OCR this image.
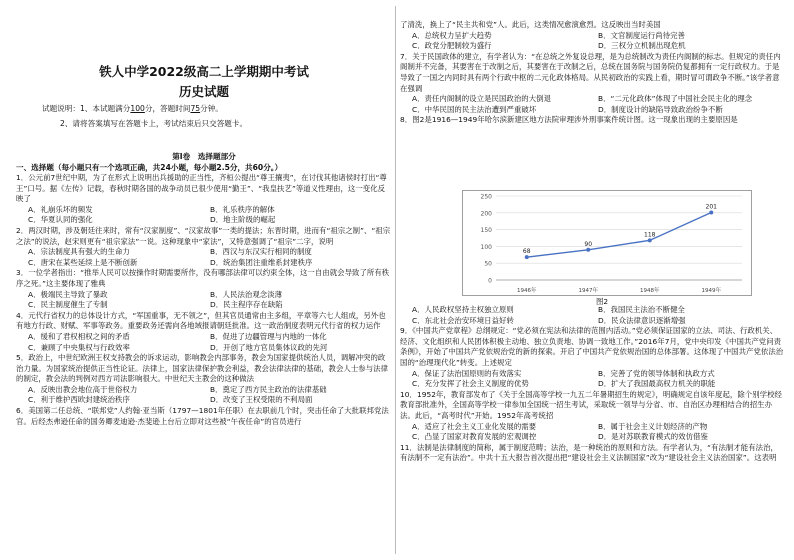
铁人中学2022级高二上学期期中考试
历史试题
试题说明：1、本试题满分100分，答题时间75分钟。
2、请将答案填写在答题卡上，考试结束后只交答题卡。
第Ⅰ卷　选择题部分
一、选择题（每小题只有一个选项正确，共24小题，每小题2.5分，共60分。）

1．公元前7世纪中期，为了在形式上说明出兵援助的正当性，齐桓公提出“尊王攘夷”，在讨伐其他诸侯时打出“尊王”口号。据《左传》记载，春秋时期各国的战争动员已很少使用“勤王”、“我皇扶艺”等道义性理由，这一变化反映了

A．礼崩乐坏的频发	B．礼乐秩序的解体
C．华夏认同的强化	D．地主阶级的崛起

2．两汉时期，涉及朝廷往来时，常有“汉家制度”、“汉家故事”一类的提法；东晋时期，进而有“祖宗之制”、“祖宗之法”的说法，赵宋则更有“祖宗家法”一说。这种现象中“家法”，又特意强调了“祖宗”二字，说明

A．宗法制度具有强大的生命力	B．西汉与东汉实行相同的制度
C．唐宋在某些延续上是不断创新	D．统治集团注重维系封建秩序

3．一位学者指出：“推举人民可以按操作时期需要所作，没有哪部法律可以约束全体，这一自由就会导致了所有秩序之死。”这主要体现了雅典

A．极端民主导致了暴政	B．人民法治观念淡薄
C．民主制度催生了专制	D．民主程序存在缺陷

4．元代行省权力的总体设计方式，“军国重事，无不领之”，但其官员通常由主多组，平章等六七人组成，另外也有地方行政、财赋、军事等政务。重要政务还需向各地域报请朝廷批准。这一政治制度表明元代行省的权力运作

A．缓和了君权相权之间的矛盾	B．促进了边疆管理与内地的一体化
C．兼顾了中央集权与行政效率	D．开创了地方官员集体议政的先河

5．政治上，中世纪欧洲王权支持教会的诉求运动，影响教会内部事务，教会为国家提供统治人员，调解冲突的政治力量。为国家统治提供正当性论证。法律上，国家法律保护教会利益，教会法律法律的基础，教会人士参与法律的制定，教会法的判例对西方司法影响很大。中世纪天主教会的这种做法

A．反映出教会地位高于世俗权力	B．奠定了西方民主政治的法律基础
C．利于维护西欧封建统治秩序	D．改变了王权受限的不利局面

6．美国第二任总统、“联邦党”人约翰·亚当斯（1797—1801年任职）在去职前几个时，突击任命了大批联邦党法官。后经杰弗逊任命的国务卿麦迪逊·杰斐逊上台后立即对这些被“午夜任命”的官员进行

了清洗，换上了“民主共和党”人。此后，这类情况愈演愈烈。这反映出当时美国

A．总统权力呈扩大趋势	B．文官制度运行尚待完善
C．政党分肥制较为盛行	D．三权分立机制出现危机

7．关于民国政体的建立，有学者认为：“在总统之外复设总理，是为总统制改为责任内阁制的标志。但规定的责任内阁制并不完备，其要害在于改制之后，其要害在于改制之后，总统在国务院与国务院仍复都拥有一定行政权力。于是导致了一国之内同时具有两个行政中枢的二元化政体格局。从民初政治的实践上看，期时冒可谓政争不断。”该学者意在强调

A．责任内阁制的设立是民国政治的大倒退	B．“二元化政体”体现了中国社会民主化的理念
C．中华民国的民主法治遭到严重破坏	D．制度设计的缺陷导致政治纷争不断

8．图2是1916—1949年哈尔滨新建区地方法院审理涉外刑事案件统计图。这一现象出现的主要原因是

0
50
100
150
200
250
1946年	1947年	1948年	1949年
68
90
118
201
图2
A．人民政权坚持主权独立原则	B．我国民主法治不断健全
C．东北社会治安环境日益好转	D．民众法律意识逐渐增强

9．《中国共产党章程》总纲规定：“党必须在宪法和法律的范围内活动。”党必须保证国家的立法、司法、行政机关、经济、文化组织和人民团体积极主动地、独立负责地、协调一致地工作。”2016年7月，党中央印发《中国共产党问责条例》，开始了中国共产党依规治党的新的探索。开启了中国共产党依规治国的总体部署。这体现了中国共产党依法治国的“治理现代化”转变。上述规定

A．保证了法治国原则的有效落实	B．完善了党的领导体制和执政方式
C．充分发挥了社会主义制度的优势	D．扩大了我国最高权力机关的职能

10．1952年，教育部发布了《关于全国高等学校一九五二年暑期招生的规定》，明确规定自该年度起，除个别学校经教育部批准外，全国高等学校一律参加全国统一招生考试，采取统一领导与分省、市、自治区办理相结合的招生办法。此后，“高考时代”开始。1952年高考统招

A．适应了社会主义工业化发展的需要	B．属于社会主义计划经济的产物
C．凸显了国家对教育发展的宏观调控	D．是对苏联教育模式的效仿借鉴

11．法制是法律制度的简称，属于制度范畴；法治，是一种统治的原则和方法。有学者认为，“有法制才能有法治，有法制不一定有法治”。中共十五大报告首次提出把“建设社会主义法制国家”改为“建设社会主义法治国家”。这表明
